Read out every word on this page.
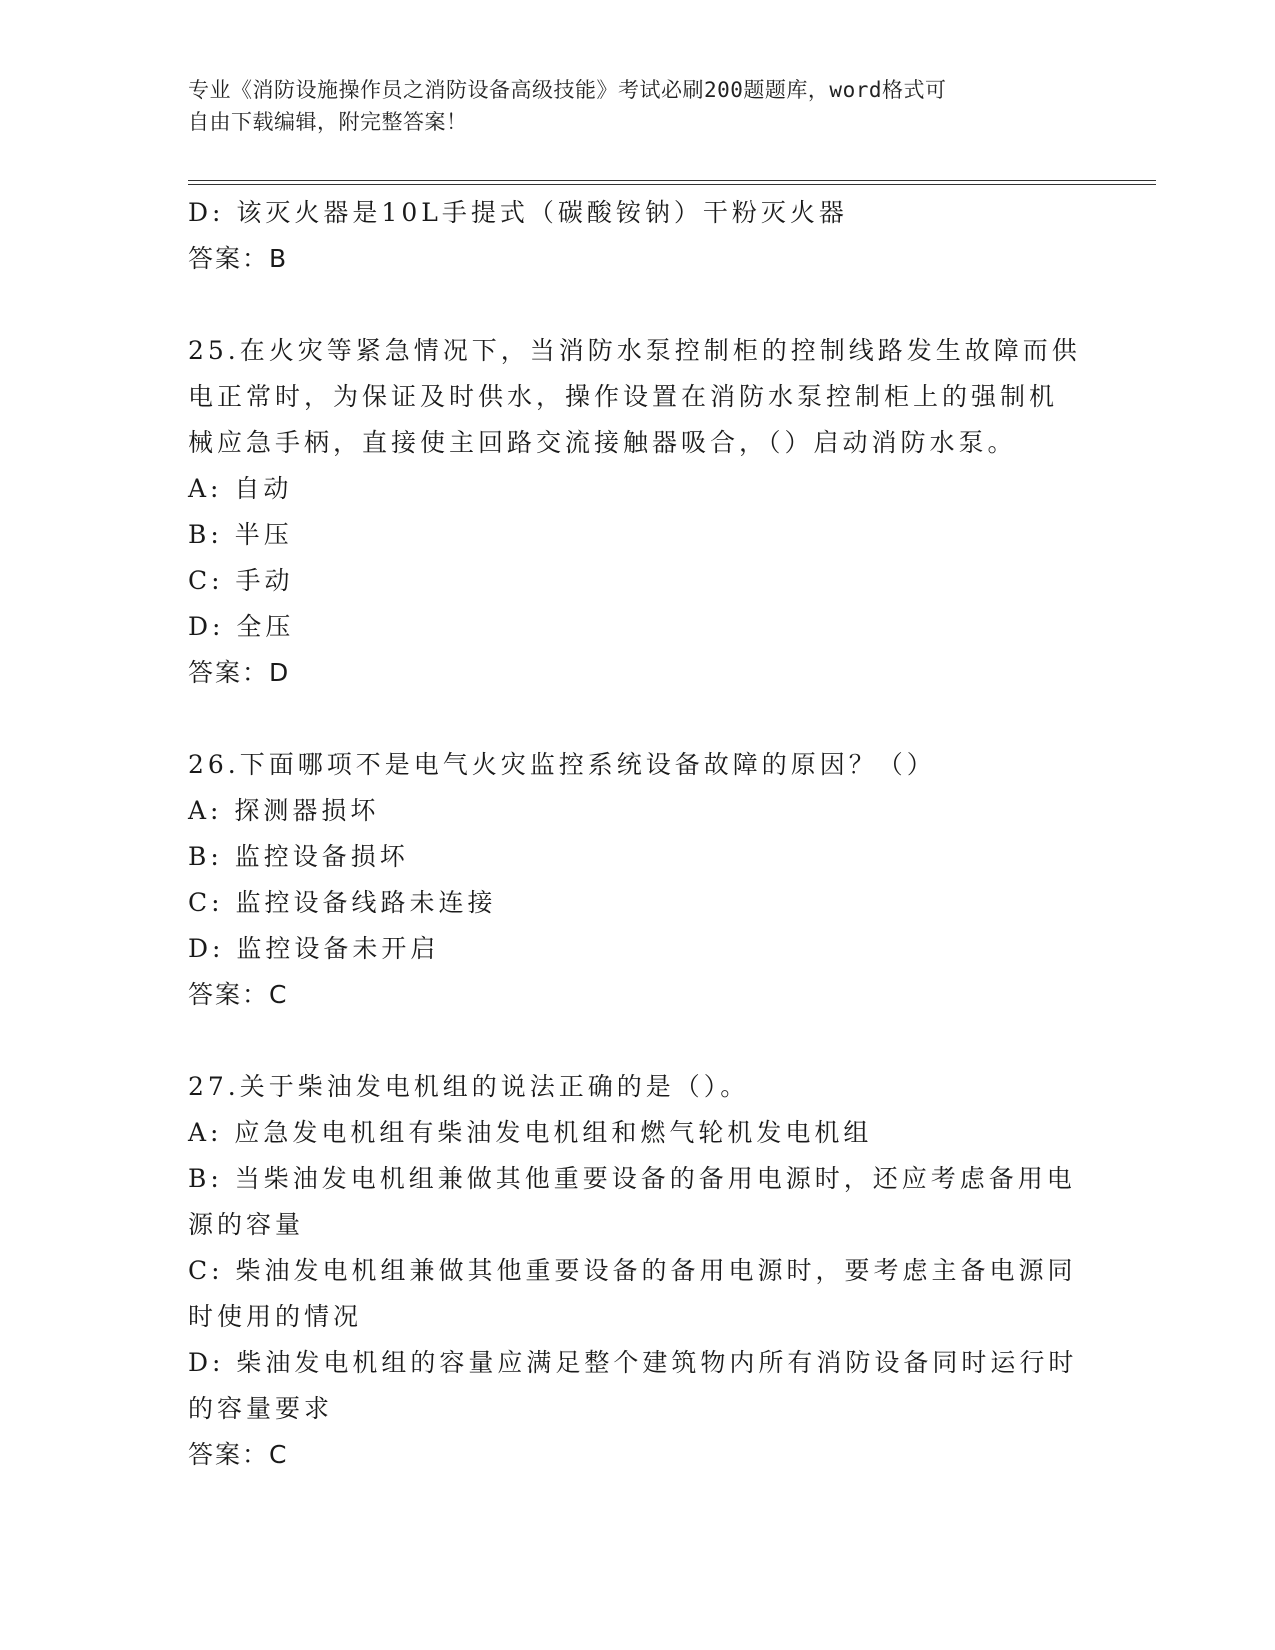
专业《消防设施操作员之消防设备高级技能》考试必刷200题题库，word格式可
自由下载编辑，附完整答案！
D: 该灭火器是10L手提式（碳酸铵钠）干粉灭火器
答案：B
25.在火灾等紧急情况下，当消防水泵控制柜的控制线路发生故障而供
电正常时，为保证及时供水，操作设置在消防水泵控制柜上的强制机
械应急手柄，直接使主回路交流接触器吸合，（）启动消防水泵。
A: 自动
B: 半压
C: 手动
D: 全压
答案：D
26.下面哪项不是电气火灾监控系统设备故障的原因？（）
A: 探测器损坏
B: 监控设备损坏
C: 监控设备线路未连接
D: 监控设备未开启
答案：C
27.关于柴油发电机组的说法正确的是（）。
A: 应急发电机组有柴油发电机组和燃气轮机发电机组
B: 当柴油发电机组兼做其他重要设备的备用电源时，还应考虑备用电
源的容量
C: 柴油发电机组兼做其他重要设备的备用电源时，要考虑主备电源同
时使用的情况
D: 柴油发电机组的容量应满足整个建筑物内所有消防设备同时运行时
的容量要求
答案：C
